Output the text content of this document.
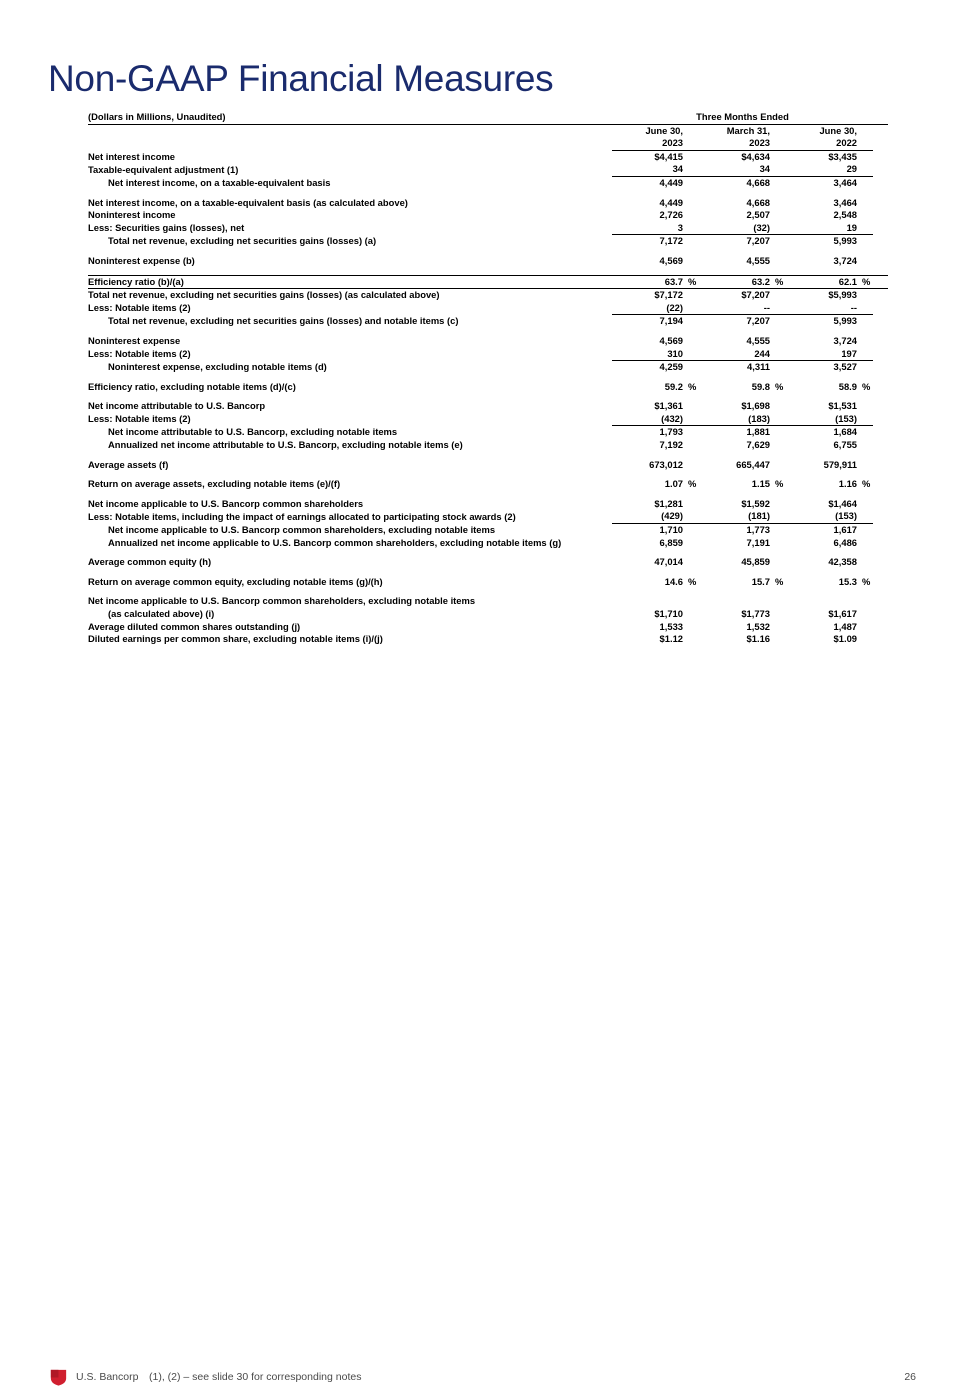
Non-GAAP Financial Measures
(Dollars in Millions, Unaudited)	Three Months Ended						
	June 30,		March 31,		June 30,		
	2023		2023		2022		
Net interest income	$4,415		$4,634		$3,435		
Taxable-equivalent adjustment (1)	34		34		29		
Net interest income, on a taxable-equivalent basis	4,449		4,668		3,464		

Net interest income, on a taxable-equivalent basis (as calculated above)	4,449		4,668		3,464		
Noninterest income	2,726		2,507		2,548		
Less: Securities gains (losses), net	3		(32)		19		
Total net revenue, excluding net securities gains (losses) (a)	7,172		7,207		5,993		

Noninterest expense (b)	4,569		4,555		3,724		

Efficiency ratio (b)/(a)	63.7	%	63.2	%	62.1	%	
Total net revenue, excluding net securities gains (losses) (as calculated above)	$7,172		$7,207		$5,993		
Less: Notable items (2)	(22)		--		--		
Total net revenue, excluding net securities gains (losses) and notable items (c)	7,194		7,207		5,993		

Noninterest expense	4,569		4,555		3,724		
Less: Notable items (2)	310		244		197		
Noninterest expense, excluding notable items (d)	4,259		4,311		3,527		

Efficiency ratio, excluding notable items (d)/(c)	59.2	%	59.8	%	58.9	%	

Net income attributable to U.S. Bancorp	$1,361		$1,698		$1,531		
Less: Notable items (2)	(432)		(183)		(153)		
Net income attributable to U.S. Bancorp, excluding notable items	1,793		1,881		1,684		
Annualized net income attributable to U.S. Bancorp, excluding notable items (e)	7,192		7,629		6,755		

Average assets (f)	673,012		665,447		579,911		

Return on average assets, excluding notable items (e)/(f)	1.07	%	1.15	%	1.16	%	

Net income applicable to U.S. Bancorp common shareholders	$1,281		$1,592		$1,464		
Less: Notable items, including the impact of earnings allocated to participating stock awards (2)	(429)		(181)		(153)		
Net income applicable to U.S. Bancorp common shareholders, excluding notable items	1,710		1,773		1,617		
Annualized net income applicable to U.S. Bancorp common shareholders, excluding notable items (g)	6,859		7,191		6,486		

Average common equity (h)	47,014		45,859		42,358		

Return on average common equity, excluding notable items (g)/(h)	14.6	%	15.7	%	15.3	%	

Net income applicable to U.S. Bancorp common shareholders, excluding notable items							
(as calculated above) (i)	$1,710		$1,773		$1,617		
Average diluted common shares outstanding (j)	1,533		1,532		1,487		
Diluted earnings per common share, excluding notable items (i)/(j)	$1.12		$1.16		$1.09		
U.S. Bancorp (1), (2) – see slide 30 for corresponding notes	26
